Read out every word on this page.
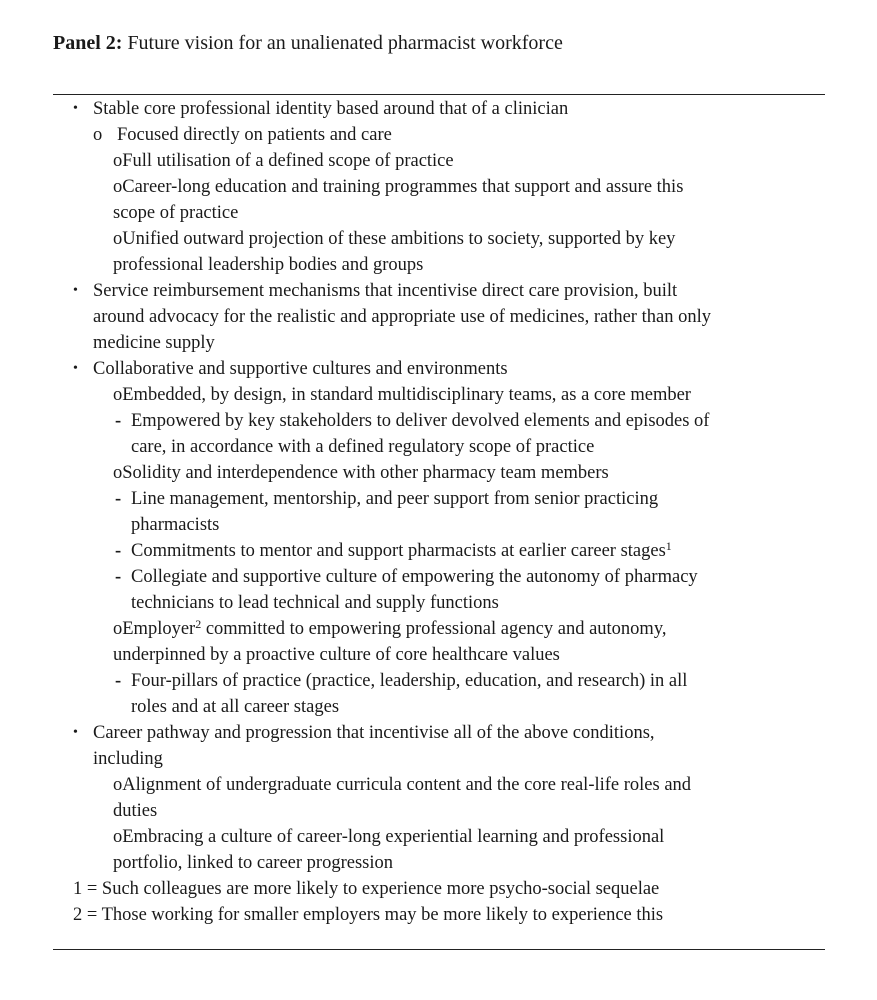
Panel 2: Future vision for an unalienated pharmacist workforce
• Stable core professional identity based around that of a clinician
o Focused directly on patients and care
oFull utilisation of a defined scope of practice
oCareer-long education and training programmes that support and assure this
scope of practice
oUnified outward projection of these ambitions to society, supported by key
professional leadership bodies and groups
• Service reimbursement mechanisms that incentivise direct care provision, built
around advocacy for the realistic and appropriate use of medicines, rather than only
medicine supply
• Collaborative and supportive cultures and environments
oEmbedded, by design, in standard multidisciplinary teams, as a core member
- Empowered by key stakeholders to deliver devolved elements and episodes of
care, in accordance with a defined regulatory scope of practice
oSolidity and interdependence with other pharmacy team members
- Line management, mentorship, and peer support from senior practicing
pharmacists
- Commitments to mentor and support pharmacists at earlier career stages$^1$
- Collegiate and supportive culture of empowering the autonomy of pharmacy
technicians to lead technical and supply functions
oEmployer$^2$ committed to empowering professional agency and autonomy,
underpinned by a proactive culture of core healthcare values
- Four-pillars of practice (practice, leadership, education, and research) in all
roles and at all career stages
• Career pathway and progression that incentivise all of the above conditions,
including
oAlignment of undergraduate curricula content and the core real-life roles and
duties
oEmbracing a culture of career-long experiential learning and professional
portfolio, linked to career progression
1 = Such colleagues are more likely to experience more psycho-social sequelae
2 = Those working for smaller employers may be more likely to experience this
